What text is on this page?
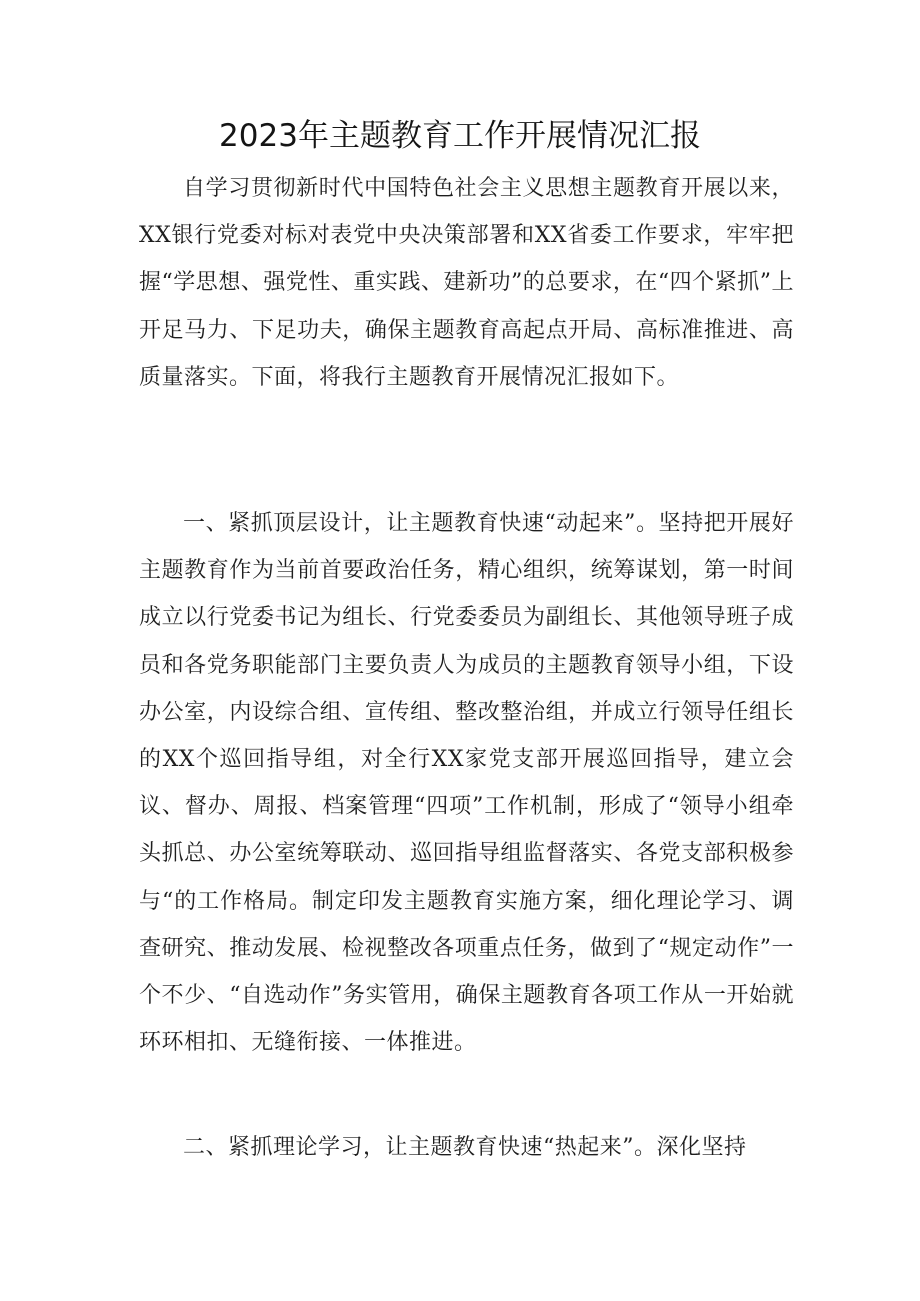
2023年主题教育工作开展情况汇报

自学习贯彻新时代中国特色社会主义思想主题教育开展以来，XX银行党委对标对表党中央决策部署和XX省委工作要求，牢牢把握“学思想、强党性、重实践、建新功”的总要求，在“四个紧抓”上开足马力、下足功夫，确保主题教育高起点开局、高标准推进、高质量落实。下面，将我行主题教育开展情况汇报如下。

一、紧抓顶层设计，让主题教育快速“动起来”。坚持把开展好主题教育作为当前首要政治任务，精心组织，统筹谋划，第一时间成立以行党委书记为组长、行党委委员为副组长、其他领导班子成员和各党务职能部门主要负责人为成员的主题教育领导小组，下设办公室，内设综合组、宣传组、整改整治组，并成立行领导任组长的XX个巡回指导组，对全行XX家党支部开展巡回指导，建立会议、督办、周报、档案管理“四项”工作机制，形成了“领导小组牵头抓总、办公室统筹联动、巡回指导组监督落实、各党支部积极参与“的工作格局。制定印发主题教育实施方案，细化理论学习、调查研究、推动发展、检视整改各项重点任务，做到了“规定动作”一个不少、“自选动作”务实管用，确保主题教育各项工作从一开始就环环相扣、无缝衔接、一体推进。

二、紧抓理论学习，让主题教育快速“热起来”。深化坚持
